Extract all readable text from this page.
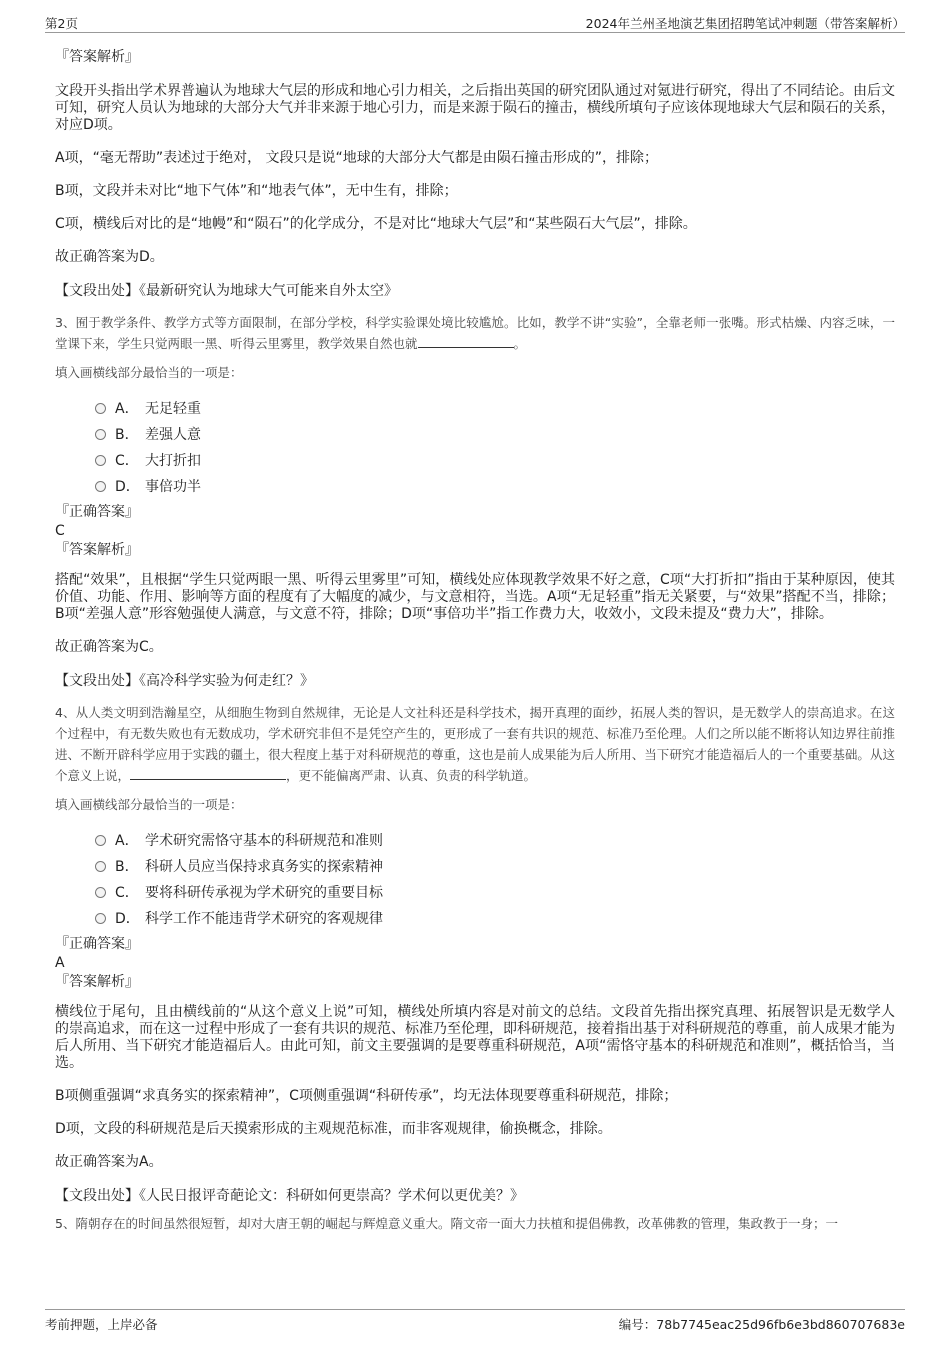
第2页	2024年兰州圣地演艺集团招聘笔试冲刺题（带答案解析）

『答案解析』

文段开头指出学术界普遍认为地球大气层的形成和地心引力相关，之后指出英国的研究团队通过对氪进行研究，得出了不同结论。由后文可知，研究人员认为地球的大部分大气并非来源于地心引力，而是来源于陨石的撞击，横线所填句子应该体现地球大气层和陨石的关系，对应D项。

A项，“毫无帮助”表述过于绝对， 文段只是说“地球的大部分大气都是由陨石撞击形成的”，排除；

B项，文段并未对比“地下气体”和“地表气体”，无中生有，排除；

C项，横线后对比的是“地幔”和“陨石”的化学成分，不是对比“地球大气层”和“某些陨石大气层”，排除。

故正确答案为D。

【文段出处】《最新研究认为地球大气可能来自外太空》

3、囿于教学条件、教学方式等方面限制，在部分学校，科学实验课处境比较尴尬。比如，教学不讲“实验”，全靠老师一张嘴。形式枯燥、内容乏味，一堂课下来，学生只觉两眼一黑、听得云里雾里，教学效果自然也就	。

填入画横线部分最恰当的一项是：

A． 无足轻重
B． 差强人意
C． 大打折扣
D． 事倍功半

『正确答案』

C

『答案解析』

搭配“效果”，且根据“学生只觉两眼一黑、听得云里雾里”可知，横线处应体现教学效果不好之意，C项“大打折扣”指由于某种原因，使其价值、功能、作用、影响等方面的程度有了大幅度的减少，与文意相符，当选。A项“无足轻重”指无关紧要，与“效果”搭配不当，排除；B项“差强人意”形容勉强使人满意，与文意不符，排除；D项“事倍功半”指工作费力大，收效小，文段未提及“费力大”，排除。

故正确答案为C。

【文段出处】《高冷科学实验为何走红？》

4、从人类文明到浩瀚星空，从细胞生物到自然规律，无论是人文社科还是科学技术，揭开真理的面纱，拓展人类的智识，是无数学人的崇高追求。在这个过程中，有无数失败也有无数成功，学术研究非但不是凭空产生的，更形成了一套有共识的规范、标准乃至伦理。人们之所以能不断将认知边界往前推进、不断开辟科学应用于实践的疆土，很大程度上基于对科研规范的尊重，这也是前人成果能为后人所用、当下研究才能造福后人的一个重要基础。从这个意义上说，	，更不能偏离严肃、认真、负责的科学轨道。

填入画横线部分最恰当的一项是：

A． 学术研究需恪守基本的科研规范和准则
B． 科研人员应当保持求真务实的探索精神
C． 要将科研传承视为学术研究的重要目标
D． 科学工作不能违背学术研究的客观规律

『正确答案』

A

『答案解析』

横线位于尾句，且由横线前的“从这个意义上说”可知，横线处所填内容是对前文的总结。文段首先指出探究真理、拓展智识是无数学人的崇高追求，而在这一过程中形成了一套有共识的规范、标准乃至伦理，即科研规范，接着指出基于对科研规范的尊重，前人成果才能为后人所用、当下研究才能造福后人。由此可知，前文主要强调的是要尊重科研规范，A项“需恪守基本的科研规范和准则”，概括恰当，当选。

B项侧重强调“求真务实的探索精神”，C项侧重强调“科研传承”，均无法体现要尊重科研规范，排除；

D项，文段的科研规范是后天摸索形成的主观规范标准，而非客观规律，偷换概念，排除。

故正确答案为A。

【文段出处】《人民日报评奇葩论文：科研如何更崇高？学术何以更优美？》

5、隋朝存在的时间虽然很短暂，却对大唐王朝的崛起与辉煌意义重大。隋文帝一面大力扶植和提倡佛教，改革佛教的管理，集政教于一身；一

考前押题，上岸必备	编号：78b7745eac25d96fb6e3bd860707683e
